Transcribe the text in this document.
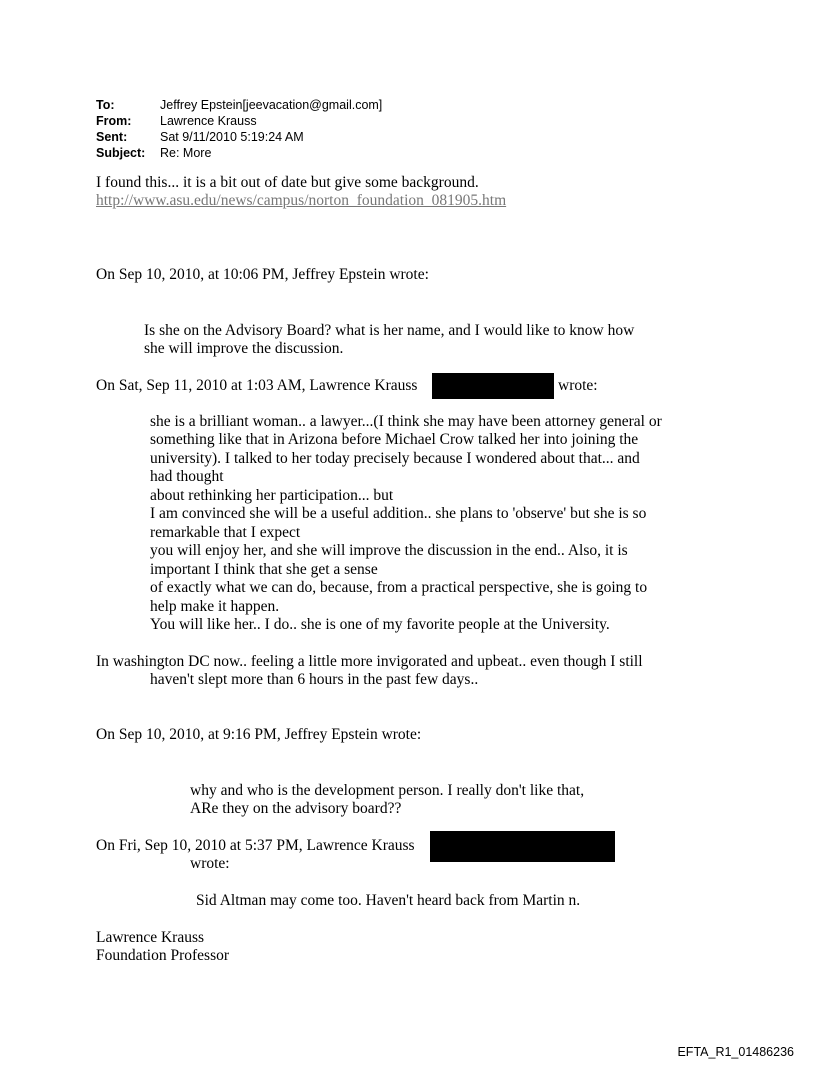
To:	Jeffrey Epstein[jeevacation@gmail.com]
From:	Lawrence Krauss
Sent:	Sat 9/11/2010 5:19:24 AM
Subject:	Re: More
I found this... it is a bit out of date but give some background.
http://www.asu.edu/news/campus/norton_foundation_081905.htm
On Sep 10, 2010, at 10:06 PM, Jeffrey Epstein wrote:
Is she on the Advisory Board? what is her name, and I would like to know how
she will improve the discussion.
On Sat, Sep 11, 2010 at 1:03 AM, Lawrence Krauss	wrote:
she is a brilliant woman.. a lawyer...(I think she may have been attorney general or
something like that in Arizona before Michael Crow talked her into joining the
university). I talked to her today precisely because I wondered about that... and
had thought
about rethinking her participation... but
I am convinced she will be a useful addition.. she plans to 'observe' but she is so
remarkable that I expect
you will enjoy her, and she will improve the discussion in the end.. Also, it is
important I think that she get a sense
of exactly what we can do, because, from a practical perspective, she is going to
help make it happen.
You will like her.. I do.. she is one of my favorite people at the University.
In washington DC now.. feeling a little more invigorated and upbeat.. even though I still
haven't slept more than 6 hours in the past few days..
On Sep 10, 2010, at 9:16 PM, Jeffrey Epstein wrote:
why and who is the development person. I really don't like that,
ARe they on the advisory board??
On Fri, Sep 10, 2010 at 5:37 PM, Lawrence Krauss
wrote:
Sid Altman may come too. Haven't heard back from Martin n.
Lawrence Krauss
Foundation Professor
EFTA_R1_01486236
